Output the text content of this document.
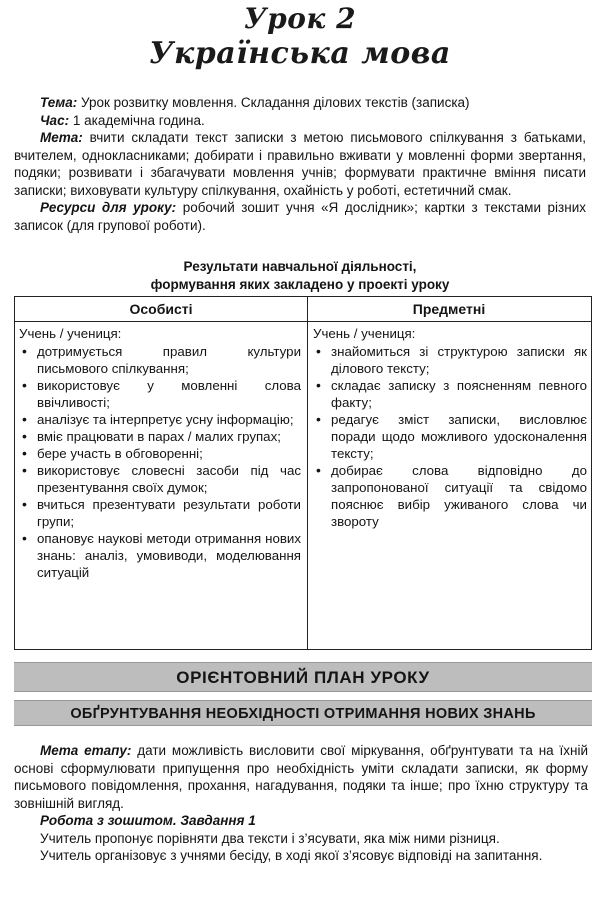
Урок 2
Українська мова

Тема: Урок розвитку мовлення. Складання ділових текстів (записка)

Час: 1 академічна година.

Мета: вчити складати текст записки з метою письмового спілкування з батьками, вчителем, однокласниками; добирати і правильно вживати у мовленні форми звертання, подяки; розвивати і збагачувати мовлення учнів; формувати практичне вміння писати записки; виховувати культуру спілкування, охайність у роботі, естетичний смак.

Ресурси для уроку: робочий зошит учня «Я дослідник»; картки з текстами різних записок (для групової роботи).

Результати навчальної діяльності,
формування яких закладено у проекті уроку
Особисті	Предметні
Учень / учениця:
• дотримується правил культури письмового спілкування;
• використовує у мовленні слова ввічливості;
• аналізує та інтерпретує усну інформацію;
• вміє працювати в парах / малих групах;
• бере участь в обговоренні;
• використовує словесні засоби під час презентування своїх думок;
• вчиться презентувати результати роботи групи;
• опановує наукові методи отримання нових знань: аналіз, умовиводи, моделювання ситуацій
Учень / учениця:
• знайомиться зі структурою записки як ділового тексту;
• складає записку з поясненням певного факту;
• редагує зміст записки, висловлює поради щодо можливого удосконалення тексту;
• добирає слова відповідно до запропонованої ситуації та свідомо пояснює вибір уживаного слова чи звороту
ОРІЄНТОВНИЙ ПЛАН УРОКУ
ОБҐРУНТУВАННЯ НЕОБХІДНОСТІ ОТРИМАННЯ НОВИХ ЗНАНЬ

Мета етапу: дати можливість висловити свої міркування, обґрунтувати та на їхній основі сформулювати припущення про необхідність уміти складати записки, як форму письмового повідомлення, прохання, нагадування, подяки та інше; про їхню структуру та зовнішній вигляд.

Робота з зошитом. Завдання 1

Учитель пропонує порівняти два тексти і з’ясувати, яка між ними різниця.

Учитель організовує з учнями бесіду, в ході якої з’ясовує відповіді на запитання.
